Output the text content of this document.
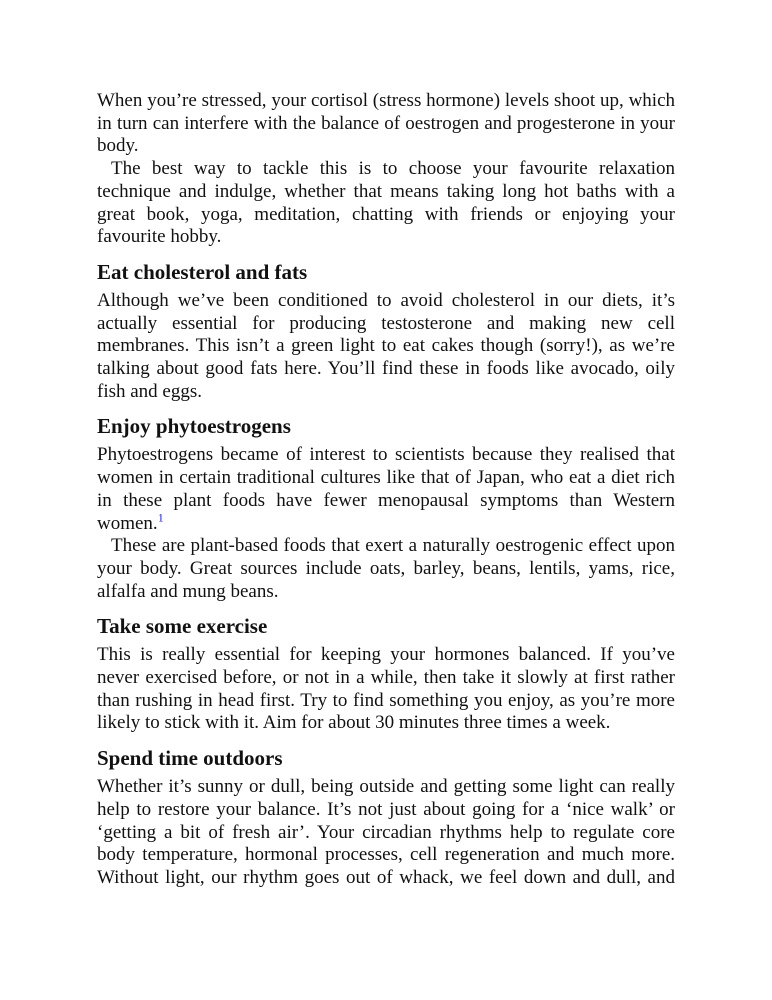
When you’re stressed, your cortisol (stress hormone) levels shoot up, which in turn can interfere with the balance of oestrogen and progesterone in your body.

The best way to tackle this is to choose your favourite relaxation technique and indulge, whether that means taking long hot baths with a great book, yoga, meditation, chatting with friends or enjoying your favourite hobby.

Eat cholesterol and fats

Although we’ve been conditioned to avoid cholesterol in our diets, it’s actually essential for producing testosterone and making new cell membranes. This isn’t a green light to eat cakes though (sorry!), as we’re talking about good fats here. You’ll find these in foods like avocado, oily fish and eggs.

Enjoy phytoestrogens

Phytoestrogens became of interest to scientists because they realised that women in certain traditional cultures like that of Japan, who eat a diet rich in these plant foods have fewer menopausal symptoms than Western women.$^1$

These are plant-based foods that exert a naturally oestrogenic effect upon your body. Great sources include oats, barley, beans, lentils, yams, rice, alfalfa and mung beans.

Take some exercise

This is really essential for keeping your hormones balanced. If you’ve never exercised before, or not in a while, then take it slowly at first rather than rushing in head first. Try to find something you enjoy, as you’re more likely to stick with it. Aim for about 30 minutes three times a week.

Spend time outdoors

Whether it’s sunny or dull, being outside and getting some light can really help to restore your balance. It’s not just about going for a ‘nice walk’ or ‘getting a bit of fresh air’. Your circadian rhythms help to regulate core body temperature, hormonal processes, cell regeneration and much more. Without light, our rhythm goes out of whack, we feel down and dull, and
